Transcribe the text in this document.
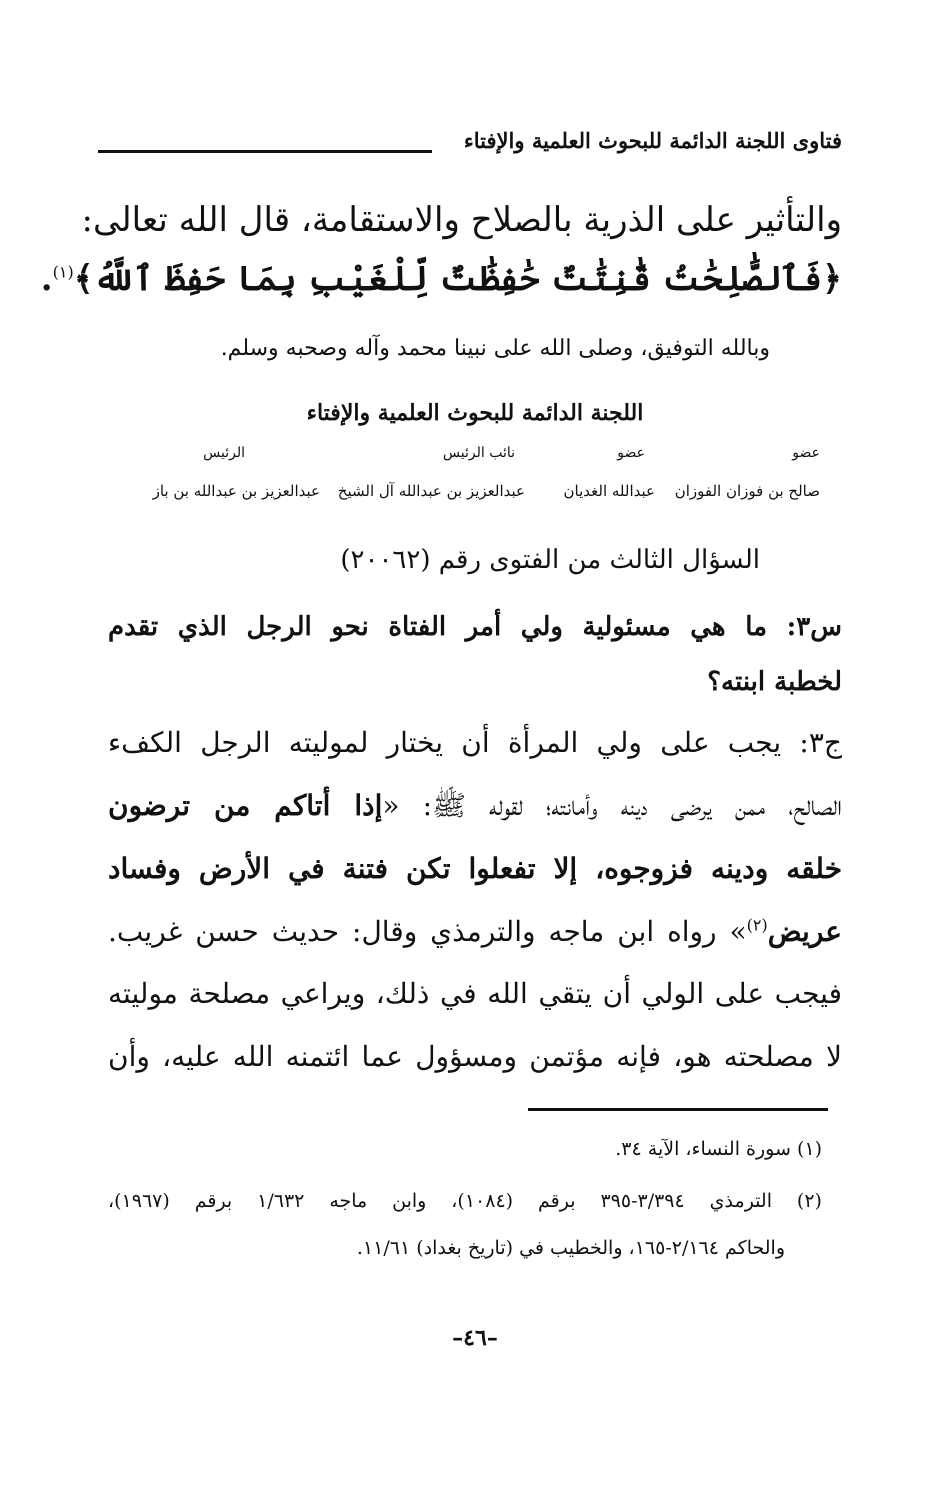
فتاوى اللجنة الدائمة للبحوث العلمية والإفتاء
والتأثير على الذرية بالصلاح والاستقامة، قال الله تعالى:
﴿فَٱلصَّٰلِحَٰتُ قَٰنِتَٰتٌ حَٰفِظَٰتٌ لِّلْغَيْبِ بِمَا حَفِظَ ٱللَّهُ﴾$^{(١)}$.
وبالله التوفيق، وصلى الله على نبينا محمد وآله وصحبه وسلم.
اللجنة الدائمة للبحوث العلمية والإفتاء
عضو
عضو
نائب الرئيس
الرئيس
صالح بن فوزان الفوزان
عبدالله الغديان
عبدالعزيز بن عبدالله آل الشيخ
عبدالعزيز بن عبدالله بن باز
السؤال الثالث من الفتوى رقم (٢٠٠٦٢)
س٣: ما هي مسئولية ولي أمر الفتاة نحو الرجل الذي تقدم
لخطبة ابنته؟
ج٣: يجب على ولي المرأة أن يختار لموليته الرجل الكفء
الصالح، ممن يرضى دينه وأمانته؛ لقوله ﷺ: «إذا أتاكم من ترضون
خلقه ودينه فزوجوه، إلا تفعلوا تكن فتنة في الأرض وفساد
عريض$^{(٢)}$» رواه ابن ماجه والترمذي وقال: حديث حسن غريب.
فيجب على الولي أن يتقي الله في ذلك، ويراعي مصلحة موليته
لا مصلحته هو، فإنه مؤتمن ومسؤول عما ائتمنه الله عليه، وأن
(١) سورة النساء، الآية ٣٤.
(٢) الترمذي ٣/٣٩٤-٣٩٥ برقم (١٠٨٤)، وابن ماجه ١/٦٣٢ برقم (١٩٦٧)،
والحاكم ٢/١٦٤-١٦٥، والخطيب في (تاريخ بغداد) ١١/٦١.
– ٤٦ –
